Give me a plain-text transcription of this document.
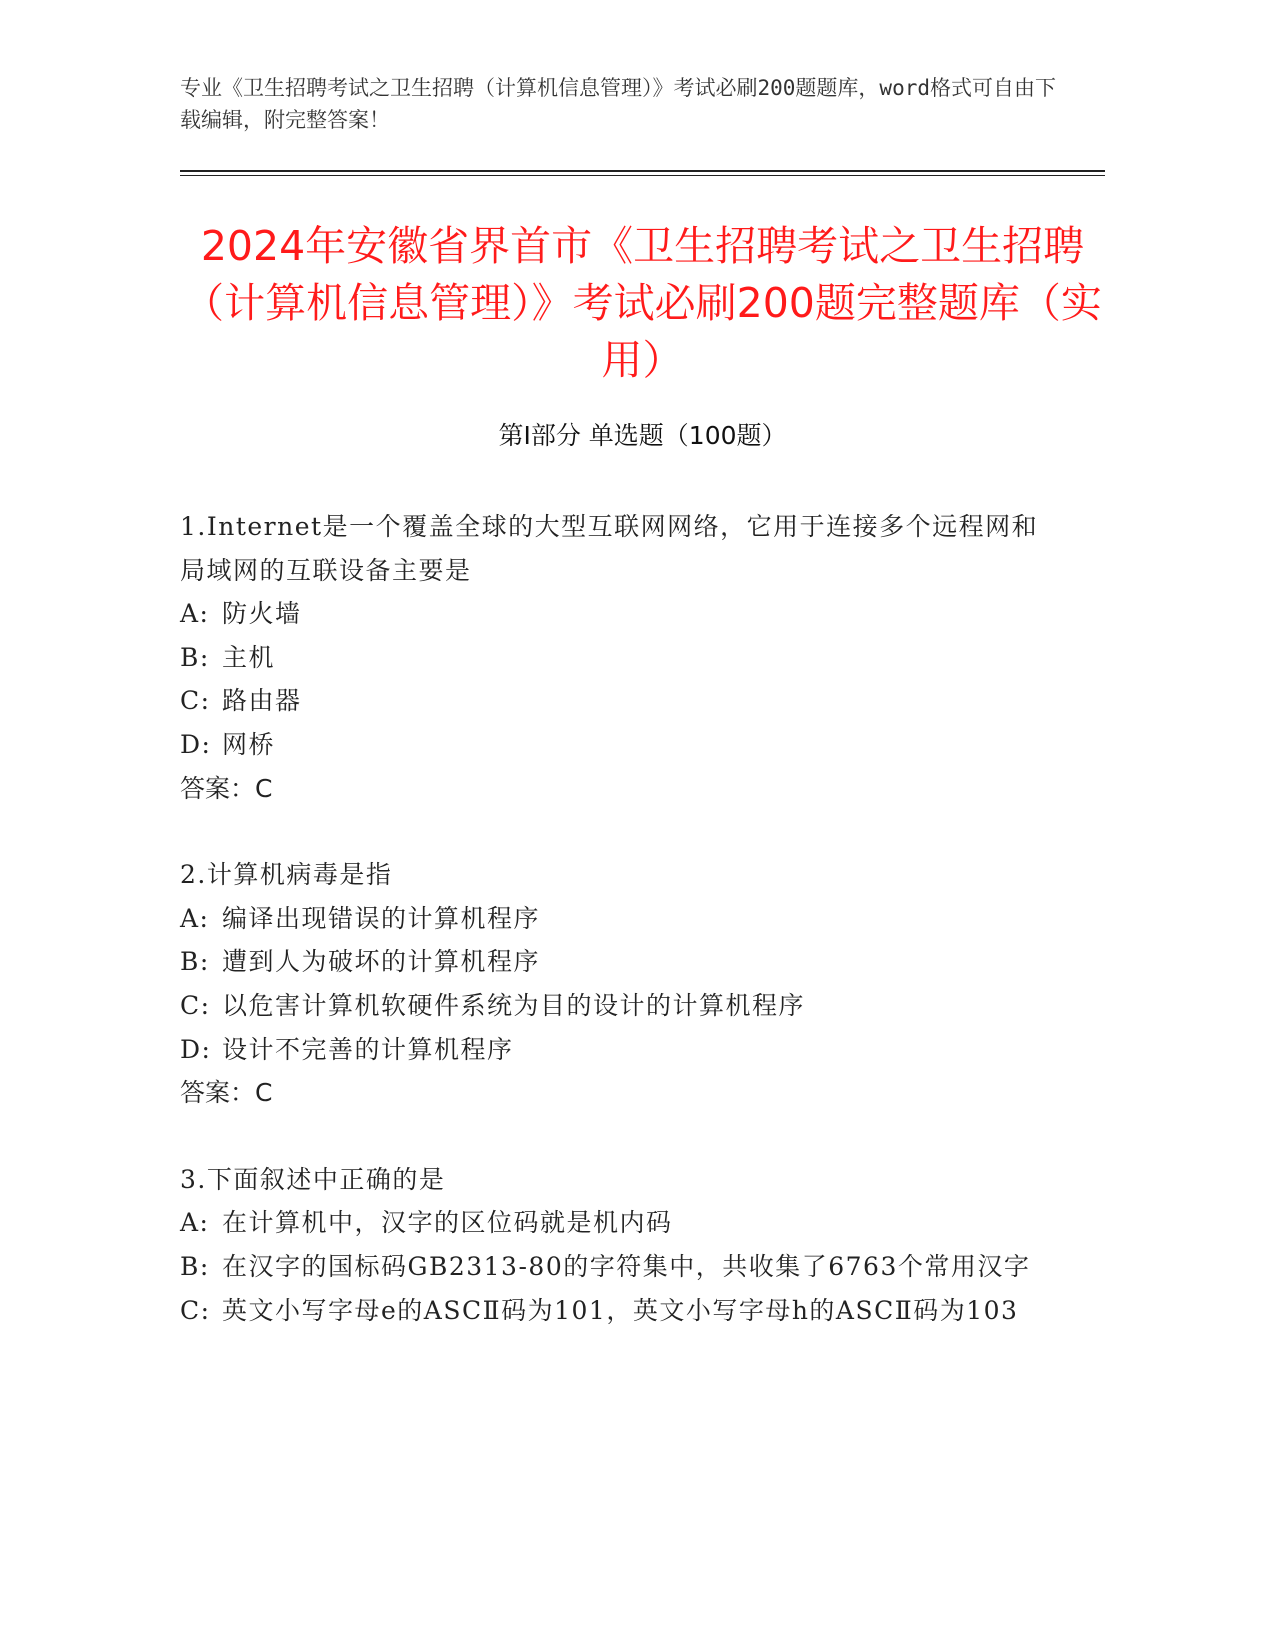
专业《卫生招聘考试之卫生招聘（计算机信息管理）》考试必刷200题题库，word格式可自由下载编辑，附完整答案！
2024年安徽省界首市《卫生招聘考试之卫生招聘（计算机信息管理）》考试必刷200题完整题库（实用）
第Ⅰ部分 单选题（100题）

1.Internet是一个覆盖全球的大型互联网网络，它用于连接多个远程网和局域网的互联设备主要是

A: 防火墙

B: 主机

C: 路由器

D: 网桥

答案：C

2.计算机病毒是指

A: 编译出现错误的计算机程序

B: 遭到人为破坏的计算机程序

C: 以危害计算机软硬件系统为目的设计的计算机程序

D: 设计不完善的计算机程序

答案：C

3.下面叙述中正确的是

A: 在计算机中，汉字的区位码就是机内码

B: 在汉字的国标码GB2313-80的字符集中，共收集了6763个常用汉字

C: 英文小写字母e的ASCⅡ码为101，英文小写字母h的ASCⅡ码为103
